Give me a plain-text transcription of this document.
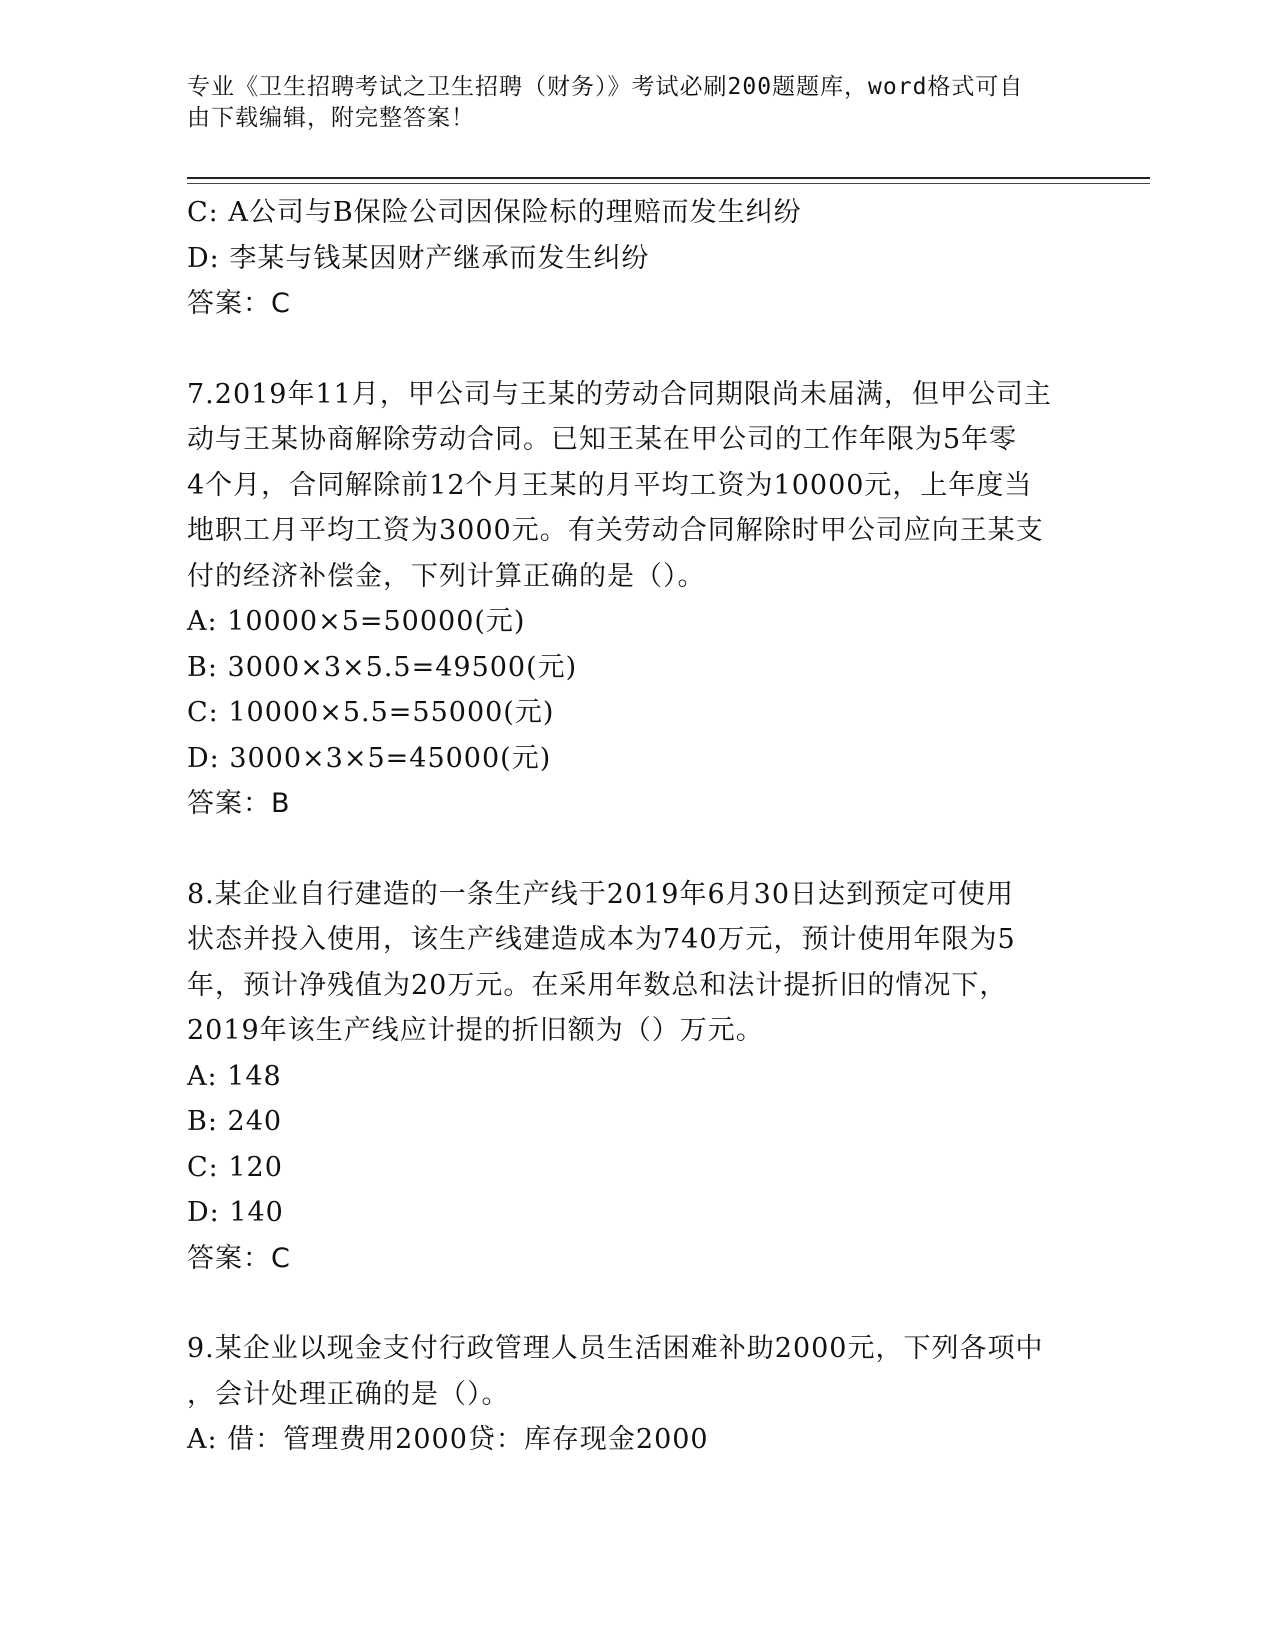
专业《卫生招聘考试之卫生招聘（财务）》考试必刷200题题库，word格式可自
由下载编辑，附完整答案！
C: A公司与B保险公司因保险标的理赔而发生纠纷
D: 李某与钱某因财产继承而发生纠纷
答案：C
7.2019年11月，甲公司与王某的劳动合同期限尚未届满，但甲公司主
动与王某协商解除劳动合同。已知王某在甲公司的工作年限为5年零
4个月，合同解除前12个月王某的月平均工资为10000元，上年度当
地职工月平均工资为3000元。有关劳动合同解除时甲公司应向王某支
付的经济补偿金，下列计算正确的是（）。
A: 10000×5=50000(元)
B: 3000×3×5.5=49500(元)
C: 10000×5.5=55000(元)
D: 3000×3×5=45000(元)
答案：B
8.某企业自行建造的一条生产线于2019年6月30日达到预定可使用
状态并投入使用，该生产线建造成本为740万元，预计使用年限为5
年，预计净残值为20万元。在采用年数总和法计提折旧的情况下，
2019年该生产线应计提的折旧额为（）万元。
A: 148
B: 240
C: 120
D: 140
答案：C
9.某企业以现金支付行政管理人员生活困难补助2000元，下列各项中
，会计处理正确的是（）。
A: 借：管理费用2000贷：库存现金2000
